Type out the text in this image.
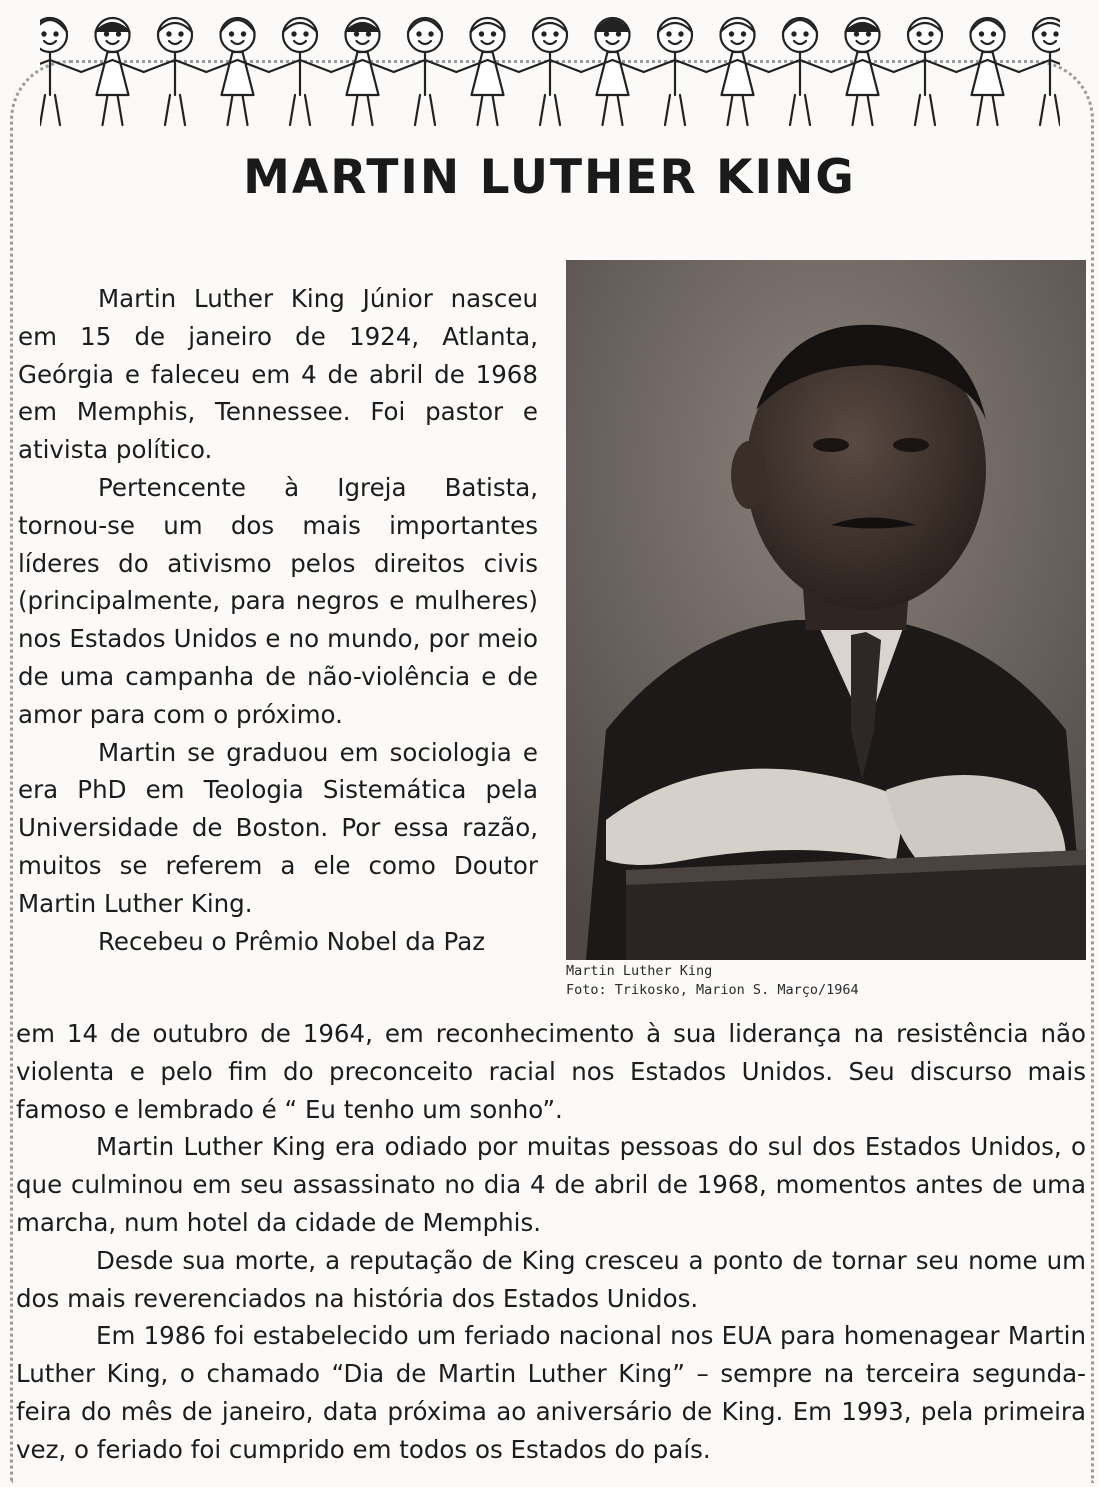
MARTIN LUTHER KING
Martin Luther King
Foto: Trikosko, Marion S. Março/1964

Martin Luther King Júnior nasceu em 15 de janeiro de 1924, Atlanta, Geórgia e faleceu em 4 de abril de 1968 em Memphis, Tennessee. Foi pastor e ativista político.

Pertencente à Igreja Batista, tornou-se um dos mais importantes líderes do ativismo pelos direitos civis (principalmente, para negros e mulheres) nos Estados Unidos e no mundo, por meio de uma campanha de não-violência e de amor para com o próximo.

Martin se graduou em sociologia e era PhD em Teologia Sistemática pela Universidade de Boston. Por essa razão, muitos se referem a ele como Doutor Martin Luther King.

Recebeu o Prêmio Nobel da Paz

em 14 de outubro de 1964, em reconhecimento à sua liderança na resistência não violenta e pelo fim do preconceito racial nos Estados Unidos. Seu discurso mais famoso e lembrado é “ Eu tenho um sonho”.

Martin Luther King era odiado por muitas pessoas do sul dos Estados Unidos, o que culminou em seu assassinato no dia 4 de abril de 1968, momentos antes de uma marcha, num hotel da cidade de Memphis.

Desde sua morte, a reputação de King cresceu a ponto de tornar seu nome um dos mais reverenciados na história dos Estados Unidos.

Em 1986 foi estabelecido um feriado nacional nos EUA para homenagear Martin Luther King, o chamado “Dia de Martin Luther King” – sempre na terceira segunda-feira do mês de janeiro, data próxima ao aniversário de King. Em 1993, pela primeira vez, o feriado foi cumprido em todos os Estados do país.
